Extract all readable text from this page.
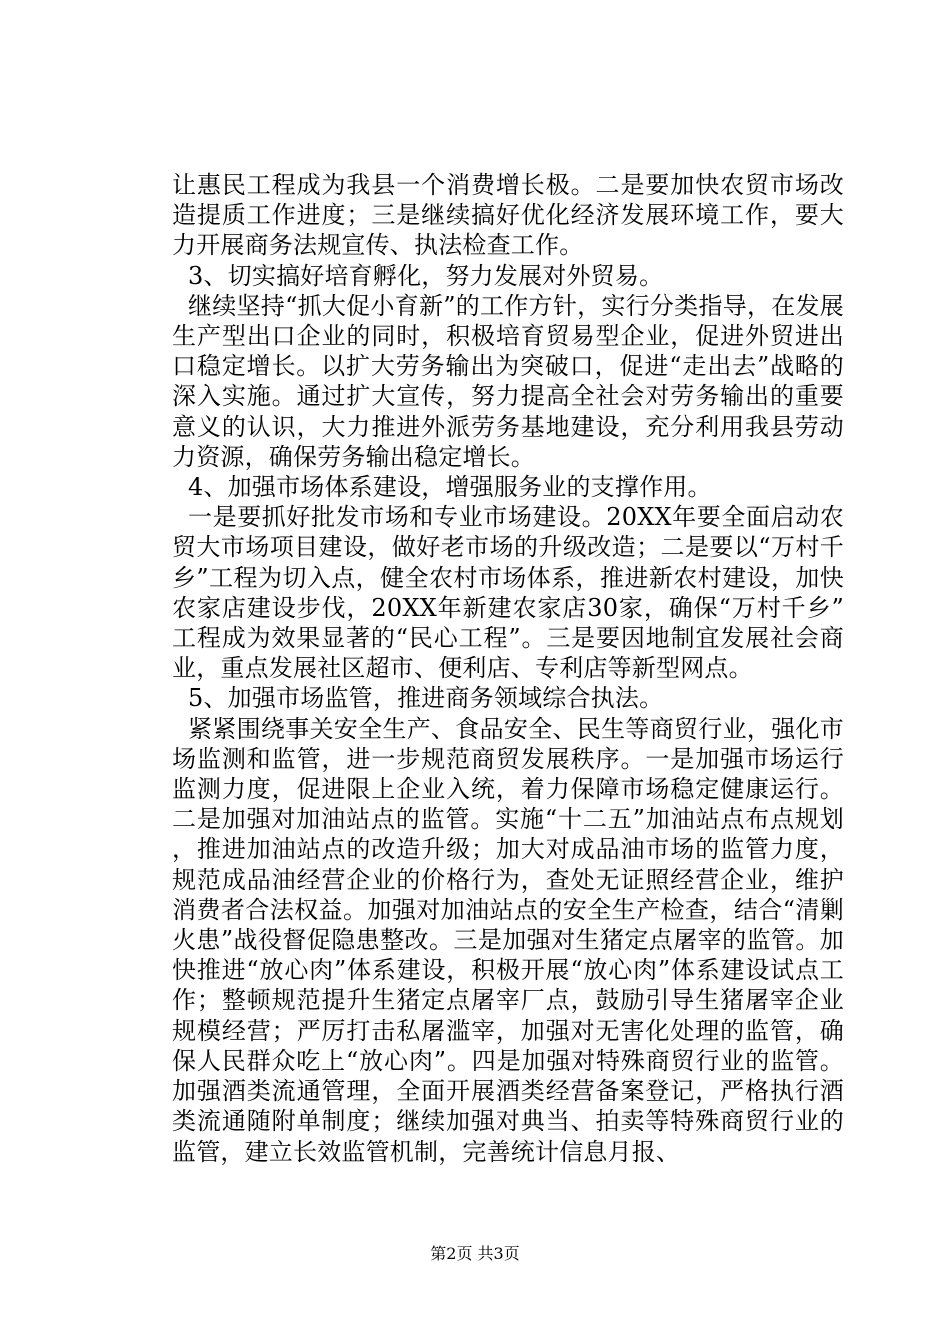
让惠民工程成为我县一个消费增长极。二是要加快农贸市场改造提质工作进度；三是继续搞好优化经济发展环境工作，要大力开展商务法规宣传、执法检查工作。

3、切实搞好培育孵化，努力发展对外贸易。

继续坚持“抓大促小育新”的工作方针，实行分类指导，在发展生产型出口企业的同时，积极培育贸易型企业，促进外贸进出口稳定增长。以扩大劳务输出为突破口，促进“走出去”战略的深入实施。通过扩大宣传，努力提高全社会对劳务输出的重要意义的认识，大力推进外派劳务基地建设，充分利用我县劳动力资源，确保劳务输出稳定增长。

4、加强市场体系建设，增强服务业的支撑作用。

一是要抓好批发市场和专业市场建设。20XX年要全面启动农贸大市场项目建设，做好老市场的升级改造；二是要以“万村千乡”工程为切入点，健全农村市场体系，推进新农村建设，加快农家店建设步伐，20XX年新建农家店30家，确保“万村千乡”工程成为效果显著的“民心工程”。三是要因地制宜发展社会商业，重点发展社区超市、便利店、专利店等新型网点。

5、加强市场监管，推进商务领域综合执法。

紧紧围绕事关安全生产、食品安全、民生等商贸行业，强化市场监测和监管，进一步规范商贸发展秩序。一是加强市场运行监测力度，促进限上企业入统，着力保障市场稳定健康运行。二是加强对加油站点的监管。实施“十二五”加油站点布点规划，推进加油站点的改造升级；加大对成品油市场的监管力度，规范成品油经营企业的价格行为，查处无证照经营企业，维护消费者合法权益。加强对加油站点的安全生产检查，结合“清剿火患”战役督促隐患整改。三是加强对生猪定点屠宰的监管。加快推进“放心肉”体系建设，积极开展“放心肉”体系建设试点工作；整顿规范提升生猪定点屠宰厂点，鼓励引导生猪屠宰企业规模经营；严厉打击私屠滥宰，加强对无害化处理的监管，确保人民群众吃上“放心肉”。四是加强对特殊商贸行业的监管。加强酒类流通管理，全面开展酒类经营备案登记，严格执行酒类流通随附单制度；继续加强对典当、拍卖等特殊商贸行业的监管，建立长效监管机制，完善统计信息月报、

第2页 共3页
